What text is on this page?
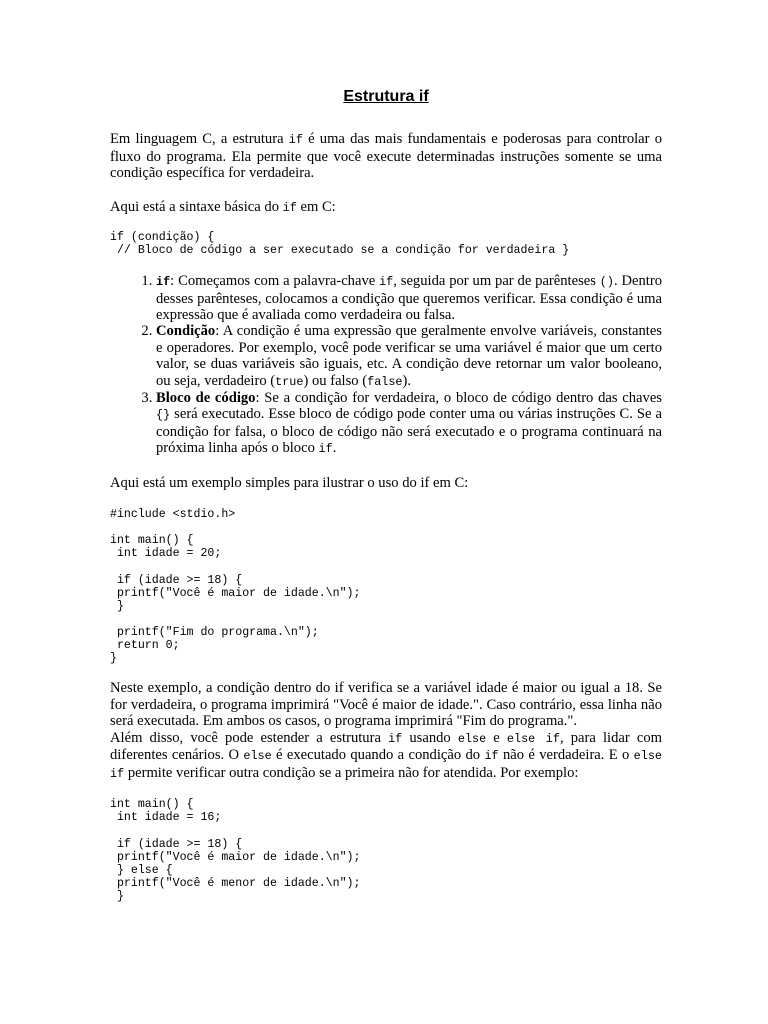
Estrutura if

Em linguagem C, a estrutura if é uma das mais fundamentais e poderosas para controlar o fluxo do programa. Ela permite que você execute determinadas instruções somente se uma condição específica for verdadeira.

Aqui está a sintaxe básica do if em C:

if (condição) {
// Bloco de código a ser executado se a condição for verdadeira }
1. if: Começamos com a palavra-chave if, seguida por um par de parênteses (). Dentro desses parênteses, colocamos a condição que queremos verificar. Essa condição é uma expressão que é avaliada como verdadeira ou falsa.
2. Condição: A condição é uma expressão que geralmente envolve variáveis, constantes e operadores. Por exemplo, você pode verificar se uma variável é maior que um certo valor, se duas variáveis são iguais, etc. A condição deve retornar um valor booleano, ou seja, verdadeiro (true) ou falso (false).
3. Bloco de código: Se a condição for verdadeira, o bloco de código dentro das chaves {} será executado. Esse bloco de código pode conter uma ou várias instruções C. Se a condição for falsa, o bloco de código não será executado e o programa continuará na próxima linha após o bloco if.

Aqui está um exemplo simples para ilustrar o uso do if em C:

#include <stdio.h>

int main() {
int idade = 20;

if (idade >= 18) {
printf("Você é maior de idade.\n");
}

printf("Fim do programa.\n");
return 0;
}

Neste exemplo, a condição dentro do if verifica se a variável idade é maior ou igual a 18. Se for verdadeira, o programa imprimirá "Você é maior de idade.". Caso contrário, essa linha não será executada. Em ambos os casos, o programa imprimirá "Fim do programa.".

Além disso, você pode estender a estrutura if usando else e else if, para lidar com diferentes cenários. O else é executado quando a condição do if não é verdadeira. E o else if permite verificar outra condição se a primeira não for atendida. Por exemplo:

int main() {
int idade = 16;

if (idade >= 18) {
printf("Você é maior de idade.\n");
} else {
printf("Você é menor de idade.\n");
}
